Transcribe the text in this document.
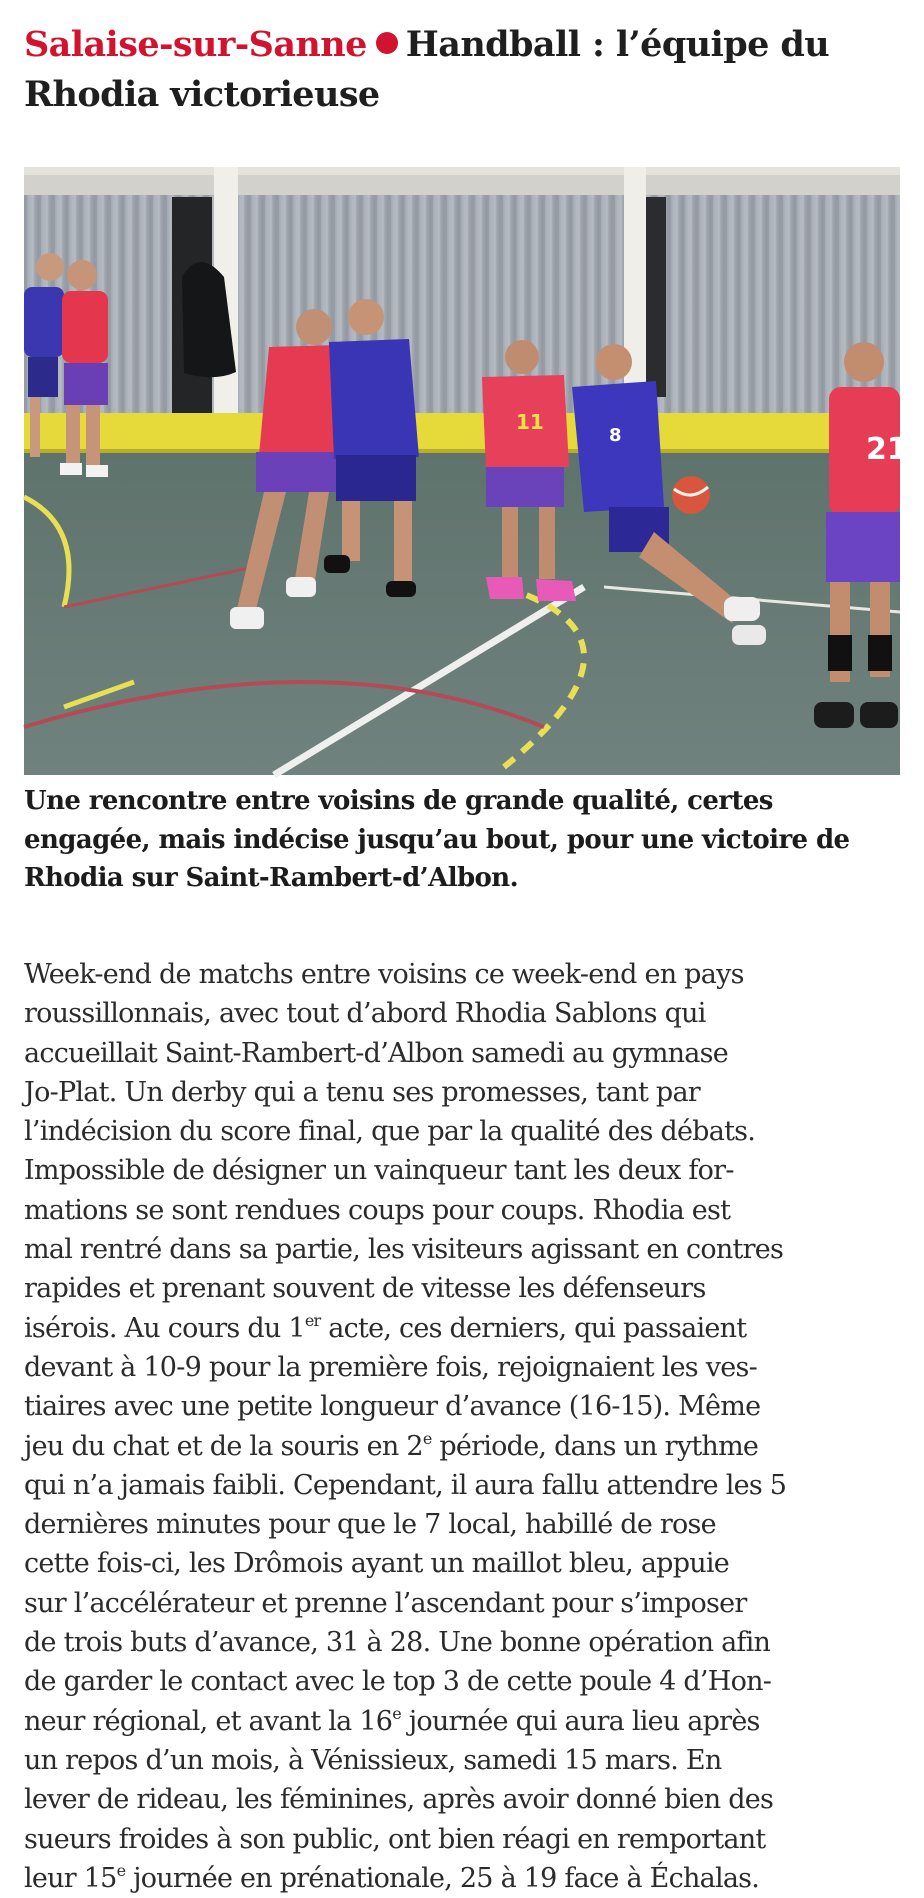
Salaise-sur-Sanne Handball : l’équipe du Rhodia victorieuse
11
8	21

Une rencontre entre voisins de grande qualité, certes engagée, mais indécise jusqu’au bout, pour une victoire de Rhodia sur Saint-Rambert-d’Albon.

Week-end de matchs entre voisins ce week-end en pays
roussillonnais, avec tout d’abord Rhodia Sablons qui
accueillait Saint-Rambert-d’Albon samedi au gymnase
Jo-Plat. Un derby qui a tenu ses promesses, tant par
l’indécision du score final, que par la qualité des débats.
Impossible de désigner un vainqueur tant les deux for-
mations se sont rendues coups pour coups. Rhodia est
mal rentré dans sa partie, les visiteurs agissant en contres
rapides et prenant souvent de vitesse les défenseurs
isérois. Au cours du 1er acte, ces derniers, qui passaient
devant à 10-9 pour la première fois, rejoignaient les ves-
tiaires avec une petite longueur d’avance (16-15). Même
jeu du chat et de la souris en 2e période, dans un rythme
qui n’a jamais faibli. Cependant, il aura fallu attendre les 5
dernières minutes pour que le 7 local, habillé de rose
cette fois-ci, les Drômois ayant un maillot bleu, appuie
sur l’accélérateur et prenne l’ascendant pour s’imposer
de trois buts d’avance, 31 à 28. Une bonne opération afin
de garder le contact avec le top 3 de cette poule 4 d’Hon-
neur régional, et avant la 16e journée qui aura lieu après
un repos d’un mois, à Vénissieux, samedi 15 mars. En
lever de rideau, les féminines, après avoir donné bien des
sueurs froides à son public, ont bien réagi en remportant
leur 15e journée en prénationale, 25 à 19 face à Échalas.
